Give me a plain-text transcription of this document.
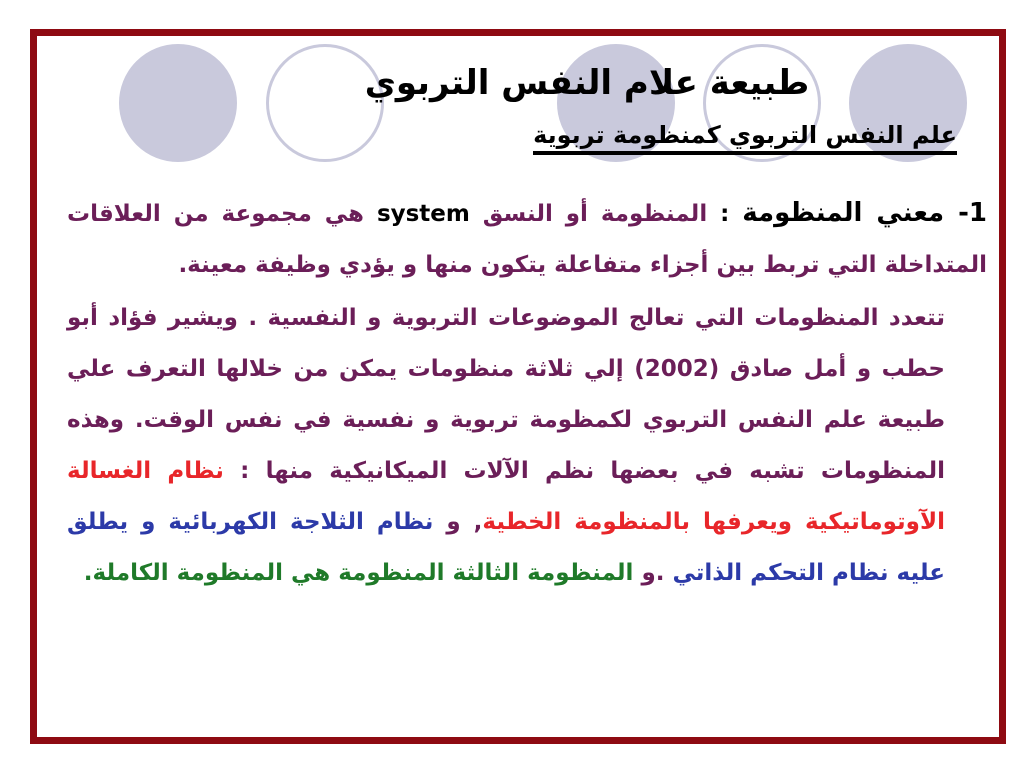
طبيعة علام النفس التربوي
علم النفس التربوي كمنظومة تربوية

1- معني المنظومة : المنظومة أو النسق system هي مجموعة من العلاقات المتداخلة التي تربط بين أجزاء متفاعلة يتكون منها و يؤدي وظيفة معينة.

تتعدد المنظومات التي تعالج الموضوعات التربوية و النفسية . ويشير فؤاد أبو حطب و أمل صادق (2002) إلي ثلاثة منظومات يمكن من خلالها التعرف علي طبيعة علم النفس التربوي لكمظومة تربوية و نفسية في نفس الوقت. وهذه المنظومات تشبه في بعضها نظم الآلات الميكانيكية منها : نظام الغسالة الآوتوماتيكية ويعرفها بالمنظومة الخطية, و نظام الثلاجة الكهربائية و يطلق عليه نظام التحكم الذاتي .و المنظومة الثالثة المنظومة هي المنظومة الكاملة.
